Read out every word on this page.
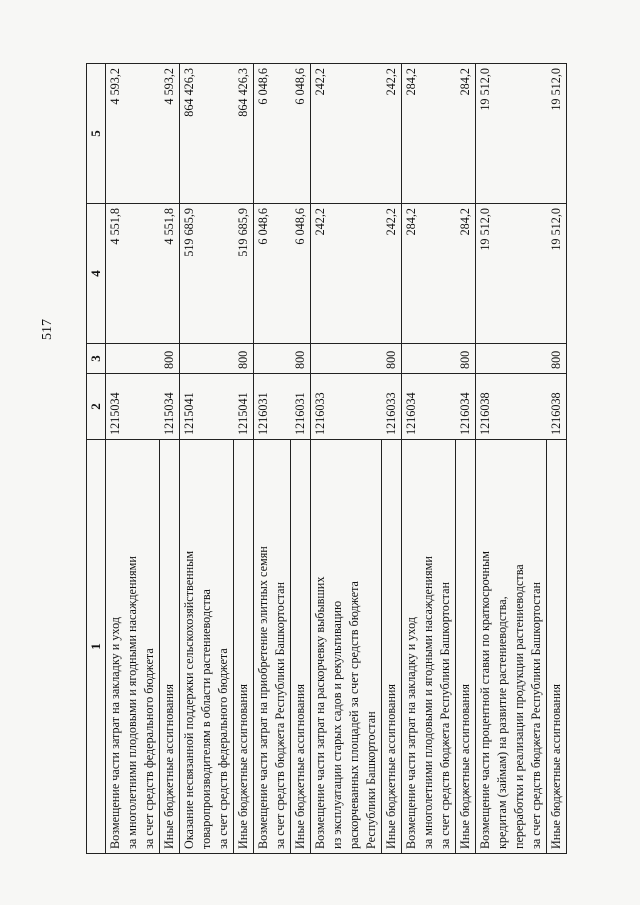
517
1	2	3	4	5

Возмещение части затрат на закладку и уход за многолетними плодовыми и ягодными насаждениями за счет средств федерального бюджета	1215034		4 551,8	4 593,2

Иные бюджетные ассигнования	1215034	800	4 551,8	4 593,2

Оказание несвязанной поддержки сельскохозяйственным товаропроизводителям в области растениеводства за счет средств федерального бюджета	1215041		519 685,9	864 426,3

Иные бюджетные ассигнования	1215041	800	519 685,9	864 426,3

Возмещение части затрат на приобретение элитных семян за счет средств бюджета Республики Башкортостан	1216031		6 048,6	6 048,6

Иные бюджетные ассигнования	1216031	800	6 048,6	6 048,6

Возмещение части затрат на раскорчевку выбывших из эксплуатации старых садов и рекультивацию раскорчеванных площадей за счет средств бюджета Республики Башкортостан	1216033		242,2	242,2

Иные бюджетные ассигнования	1216033	800	242,2	242,2

Возмещение части затрат на закладку и уход за многолетними плодовыми и ягодными насаждениями за счет средств бюджета Республики Башкортостан	1216034		284,2	284,2

Иные бюджетные ассигнования	1216034	800	284,2	284,2

Возмещение части процентной ставки по краткосрочным кредитам (займам) на развитие растениеводства, переработки и реализации продукции растениеводства за счет средств бюджета Республики Башкортостан	1216038		19 512,0	19 512,0

Иные бюджетные ассигнования	1216038	800	19 512,0	19 512,0
